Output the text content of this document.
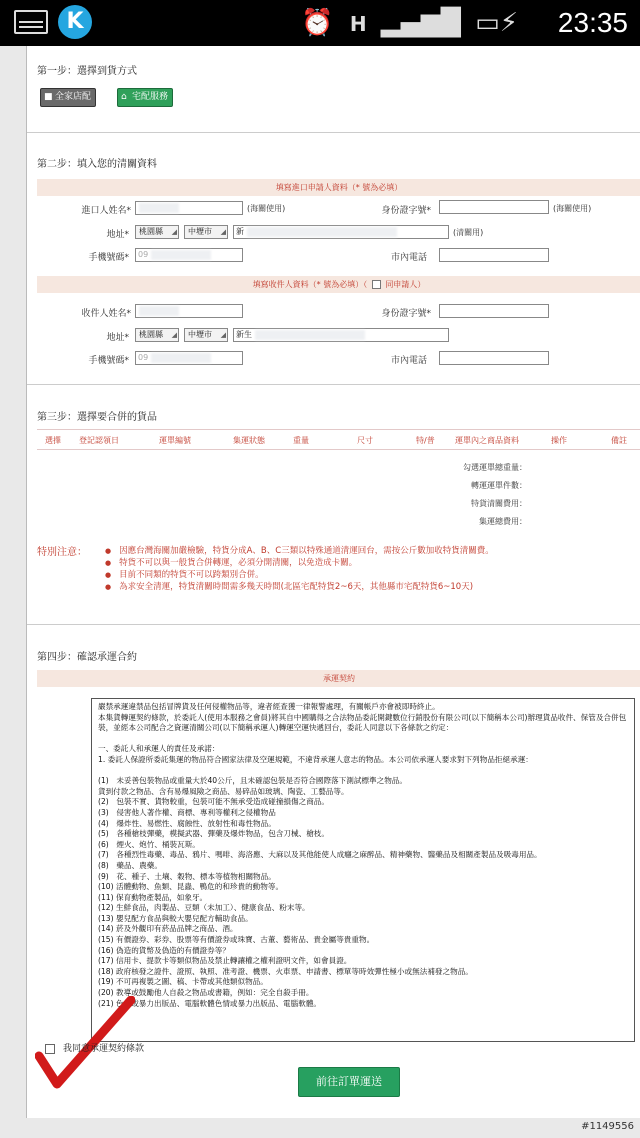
K	⏰ H ▂▄▆█ ▭⚡ 23:35
第一步：選擇到貨方式
■ 全家店配	⌂ 宅配服務
第二步：填入您的清關資料
填寫進口申請人資料（* 號為必填）
進口人姓名*	(海關使用)	身份證字號*	(海關使用)
地址*	桃園縣 ◢	中壢市 ◢	新	(清關用)
手機號碼*	09	市內電話
填寫收件人資料（* 號為必填）（ 同申請人）
收件人姓名*	身份證字號*
地址*	桃園縣 ◢	中壢市 ◢	新生
手機號碼*	09	市內電話
第三步：選擇要合併的貨品
選擇 登記認領日	運單編號	集運狀態	重量	尺寸	特/普	運單內之商品資料	操作	備註
勾選運單總重量：
轉運運單件數：
特貨清關費用：
集運總費用：
特別注意：
●	因應台灣海關加嚴檢驗，特貨分成A、B、C三類以特殊通道清運回台，需按公斤數加收特貨清關費。
● 特貨不可以與一般貨合併轉運，必須分開清關，以免造成卡關。
● 目前不同類的特貨不可以跨類別合併。
● 為求安全清運，特貨清關時間需多幾天時間(北區宅配特貨2~6天，其他縣市宅配特貨6~10天)
第四步：確認承運合約
承運契約

嚴禁承運違禁品包括冒牌貨及任何侵權物品等，違者經查獲一律報警處理，有關帳戶亦會被即時終止。

本集貨轉運契約條款，於委託人(使用本服務之會員)將其自中國購得之合法物品委託開鍵數位行銷股份有限公司(以下簡稱本公司)辦理貨品收件、保管及合併包裝，並經本公司配合之資運清關公司(以下簡稱承運人)轉運空運快遞回台，委託人同意以下各條款之約定：

一、委託人和承運人的責任及承諾：

1. 委託人保證所委託集運的物品符合國家法律及空運規範，不違背承運人意志的物品。本公司依承運人要求對下列物品拒絕承運：

(1)　未妥善包裝物品或重量大於40公斤，且未確認包裝是否符合國際落下測試標準之物品。

貨到付款之物品、含有易爆風險之商品、易碎品如玻璃、陶瓷、工藝品等。

(2)　包裝不實、貨物較重，包裝可能不無承受造成碰撞損傷之商品。

(3)　侵害他人著作權、商標、專利等權利之侵權物品

(4)　爆炸性、易燃性、腐蝕性、放射性和毒性物品。

(5)　各種槍枝彈藥，模擬武器、彈藥及爆炸物品，包含刀械、槍枝。

(6)　煙火、炮竹、桶裝瓦斯。

(7)　各種烈性毒藥、毒品、鴉片、嗎啡、海洛應、大麻以及其他能使人成癮之麻醉品、精神藥物、醫藥品及相關產製品及吸毒用品。

(8)　藥品、農藥。

(9)　花、種子、土壤、穀物、標本等植物相關物品。

(10) 活體動物、魚類、昆蟲、鴨危的和珍貴的動物等。

(11) 保育動物產製品，如象牙。

(12) 生鮮食品，肉製品、豆類（未加工）、健康食品、粉末等。

(13) 嬰兒配方食品與較大嬰兒配方輔助食品。

(14) 菸及外觀印有菸品品牌之商品、酒。

(15) 有價證券、彩券、股票等有價證券或珠寶、古董、藝術品、貴金屬等貴重物。

(16) 偽造的貨幣及偽造的有價證券等？

(17) 信用卡、提款卡等類似物品及禁止轉讓權之權利證明文件，如會員證。

(18) 政府核發之證件、證照、執照、准考證、機票、火車票、申請書、標單等時效彈性極小或無法補發之物品。

(19) 不可再複製之圖、稿、卡帶或其他類似物品。

(20) 教導或鼓勵他人自殺之物品或書籍，例如：完全自殺手冊。

(21) 色情或暴力出版品、電腦軟體色情或暴力出版品、電腦軟體。

我同意承運契約條款
前往訂單運送
#1149556
